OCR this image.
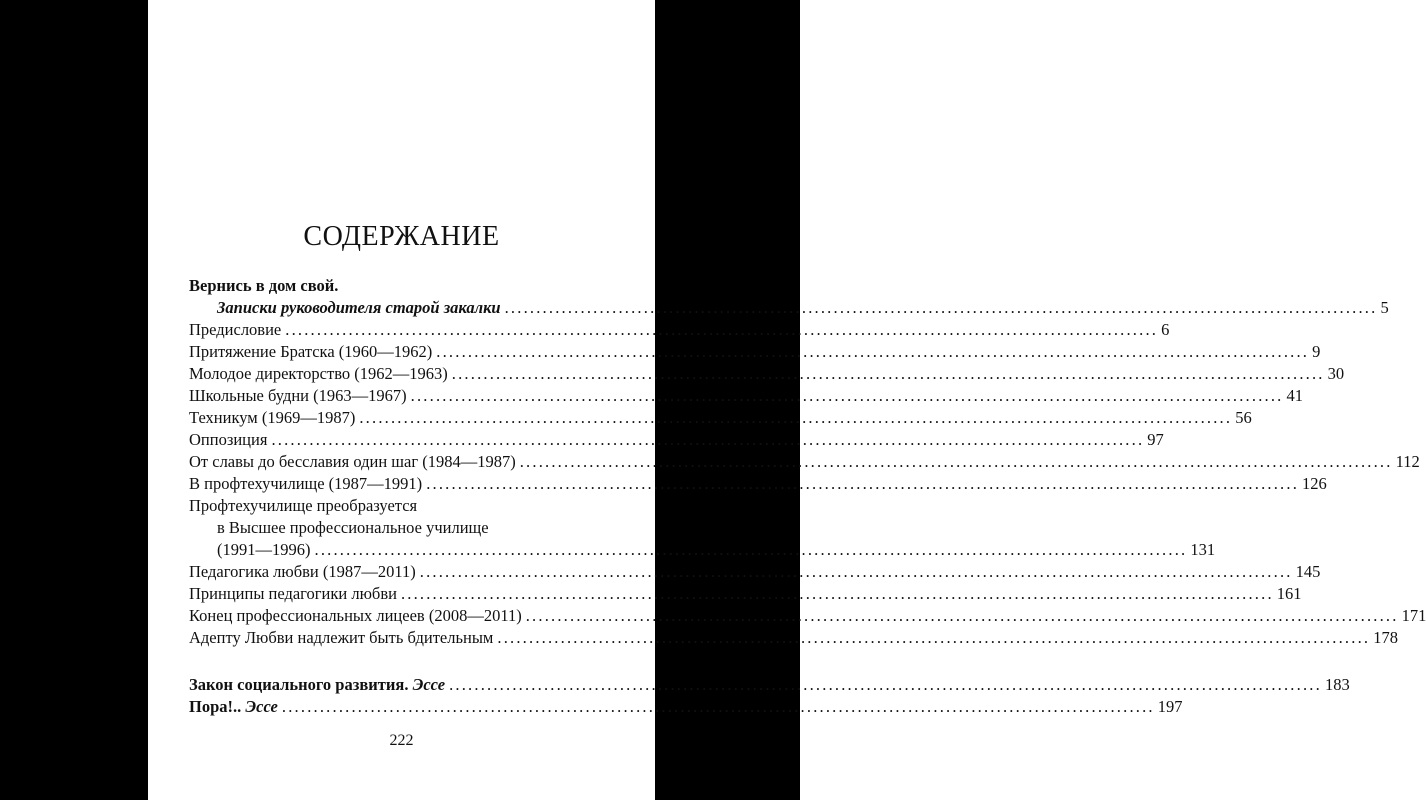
СОДЕРЖАНИЕ
Вернись в дом свой.
Записки руководителя старой закалки .......................................................................................................................................... 5
Предисловие .......................................................................................................................................... 6
Притяжение Братска (1960—1962) .......................................................................................................................................... 9
Молодое директорство (1962—1963) .......................................................................................................................................... 30
Школьные будни (1963—1967) .......................................................................................................................................... 41
Техникум (1969—1987) .......................................................................................................................................... 56
Оппозиция .......................................................................................................................................... 97
От славы до бесславия один шаг (1984—1987) .......................................................................................................................................... 112
В профтехучилище (1987—1991) .......................................................................................................................................... 126
Профтехучилище преобразуется
в Высшее профессиональное училище
(1991—1996) .......................................................................................................................................... 131
Педагогика любви (1987—2011) .......................................................................................................................................... 145
Принципы педагогики любви .......................................................................................................................................... 161
Конец профессиональных лицеев (2008—2011) .......................................................................................................................................... 171
Адепту Любви надлежит быть бдительным .......................................................................................................................................... 178
Закон социального развития. Эссе .......................................................................................................................................... 183
Пора!.. Эссе .......................................................................................................................................... 197
222
